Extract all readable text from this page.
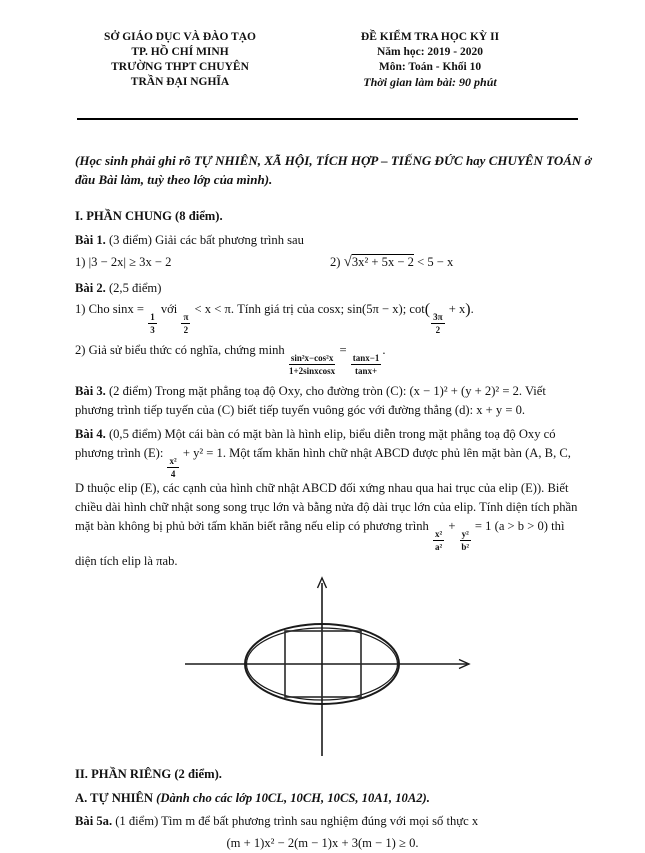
SỞ GIÁO DỤC VÀ ĐÀO TẠO
TP. HỒ CHÍ MINH
TRƯỜNG THPT CHUYÊN
TRẦN ĐẠI NGHĨA
ĐỀ KIỂM TRA HỌC KỲ II
Năm học: 2019 - 2020
Môn: Toán - Khối 10
Thời gian làm bài: 90 phút
(Học sinh phải ghi rõ TỰ NHIÊN, XÃ HỘI, TÍCH HỢP – TIẾNG ĐỨC hay CHUYÊN TOÁN ở
đầu Bài làm, tuỳ theo lớp của mình).
I. PHẦN CHUNG (8 điểm).
Bài 1. (3 điểm) Giải các bất phương trình sau
1) |3 − 2x| ≥ 3x − 2	2) √3x² + 5x − 2 < 5 − x
Bài 2. (2,5 điểm)
1) Cho sinx =
$\frac{1}{3}$
với
$\frac{\pi}{2}$
< x < π. Tính giá trị của cosx; sin(5π − x); cot(
$\frac{3\pi}{2}$
+ x).
2) Giả sử biểu thức có nghĩa, chứng minh
$\frac{\text{sin²x−cos²x}}{\text{1+2sinxcosx}}$
=
$\frac{\tan x-1}{\tan x+}$
.
Bài 3. (2 điểm) Trong mặt phẳng toạ độ Oxy, cho đường tròn (C): (x − 1)² + (y + 2)² = 2. Viết
phương trình tiếp tuyến của (C) biết tiếp tuyến vuông góc với đường thẳng (d): x + y = 0.
Bài 4. (0,5 điểm) Một cái bàn có mặt bàn là hình elip, biểu diễn trong mặt phẳng toạ độ Oxy có
phương trình (E):
$\frac{\text{x²}}{4}$
+ y² = 1. Một tấm khăn hình chữ nhật ABCD được phủ lên mặt bàn (A, B, C,
D thuộc elip (E), các cạnh của hình chữ nhật ABCD đối xứng nhau qua hai trục của elip (E)). Biết
chiều dài hình chữ nhật song song trục lớn và bằng nửa độ dài trục lớn của elip. Tính diện tích phần
mặt bàn không bị phủ bởi tấm khăn biết rằng nếu elip có phương trình
$\frac{\text{x²}}{\text{a²}}$
+
$\frac{\text{y²}}{\text{b²}}$
= 1 (a > b > 0) thì
diện tích elip là πab.
II. PHẦN RIÊNG (2 điểm).
A. TỰ NHIÊN (Dành cho các lớp 10CL, 10CH, 10CS, 10A1, 10A2).
Bài 5a. (1 điểm) Tìm m để bất phương trình sau nghiệm đúng với mọi số thực x
(m + 1)x² − 2(m − 1)x + 3(m − 1) ≥ 0.
